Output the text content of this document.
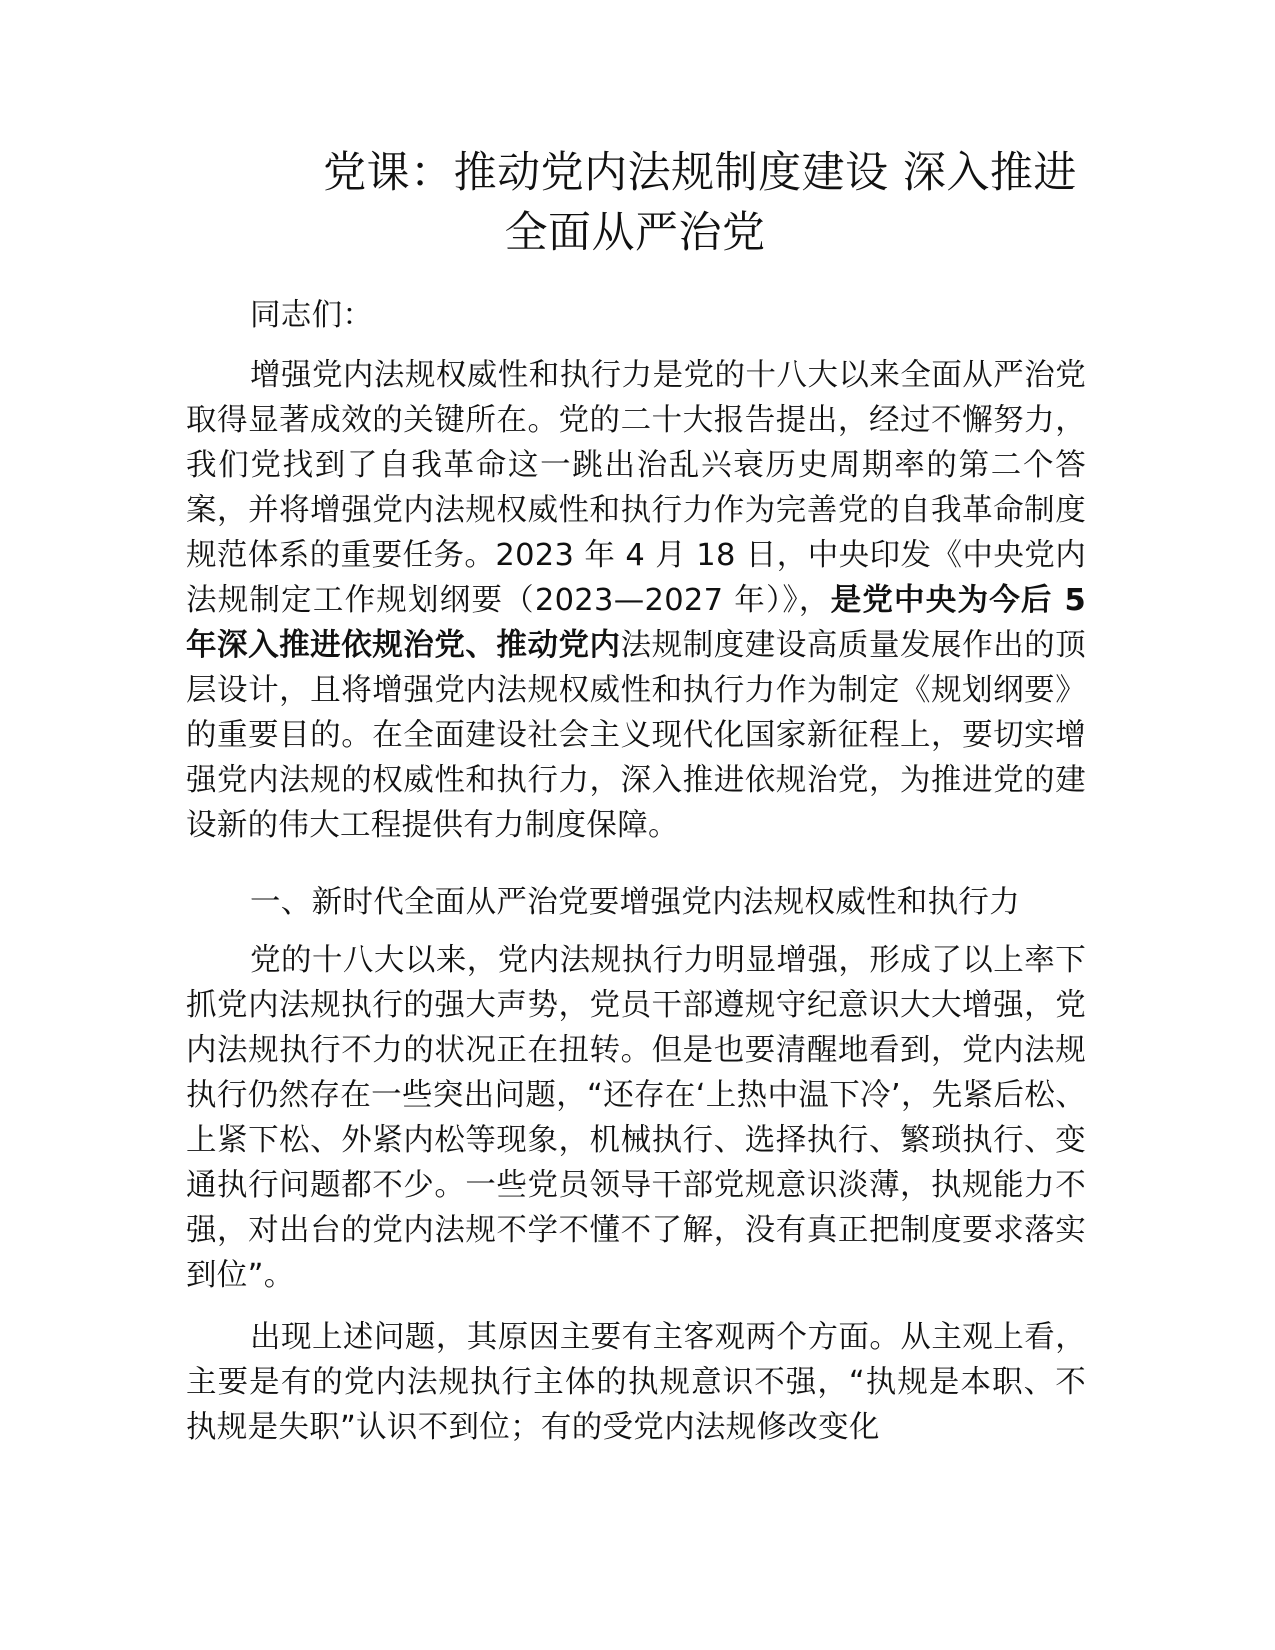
党课：推动党内法规制度建设 深入推进
全面从严治党

同志们：

增强党内法规权威性和执行力是党的十八大以来全面从严治党取得显著成效的关键所在。党的二十大报告提出，经过不懈努力，我们党找到了自我革命这一跳出治乱兴衰历史周期率的第二个答案，并将增强党内法规权威性和执行力作为完善党的自我革命制度规范体系的重要任务。2023 年 4 月 18 日，中央印发《中央党内法规制定工作规划纲要（2023—2027 年）》，是党中央为今后 5 年深入推进依规治党、推动党内法规制度建设高质量发展作出的顶层设计，且将增强党内法规权威性和执行力作为制定《规划纲要》的重要目的。在全面建设社会主义现代化国家新征程上，要切实增强党内法规的权威性和执行力，深入推进依规治党，为推进党的建设新的伟大工程提供有力制度保障。

一、新时代全面从严治党要增强党内法规权威性和执行力

党的十八大以来，党内法规执行力明显增强，形成了以上率下抓党内法规执行的强大声势，党员干部遵规守纪意识大大增强，党内法规执行不力的状况正在扭转。但是也要清醒地看到，党内法规执行仍然存在一些突出问题，“还存在‘上热中温下冷’，先紧后松、上紧下松、外紧内松等现象，机械执行、选择执行、繁琐执行、变通执行问题都不少。一些党员领导干部党规意识淡薄，执规能力不强，对出台的党内法规不学不懂不了解，没有真正把制度要求落实到位”。

出现上述问题，其原因主要有主客观两个方面。从主观上看，主要是有的党内法规执行主体的执规意识不强，“执规是本职、不执规是失职”认识不到位；有的受党内法规修改变化
